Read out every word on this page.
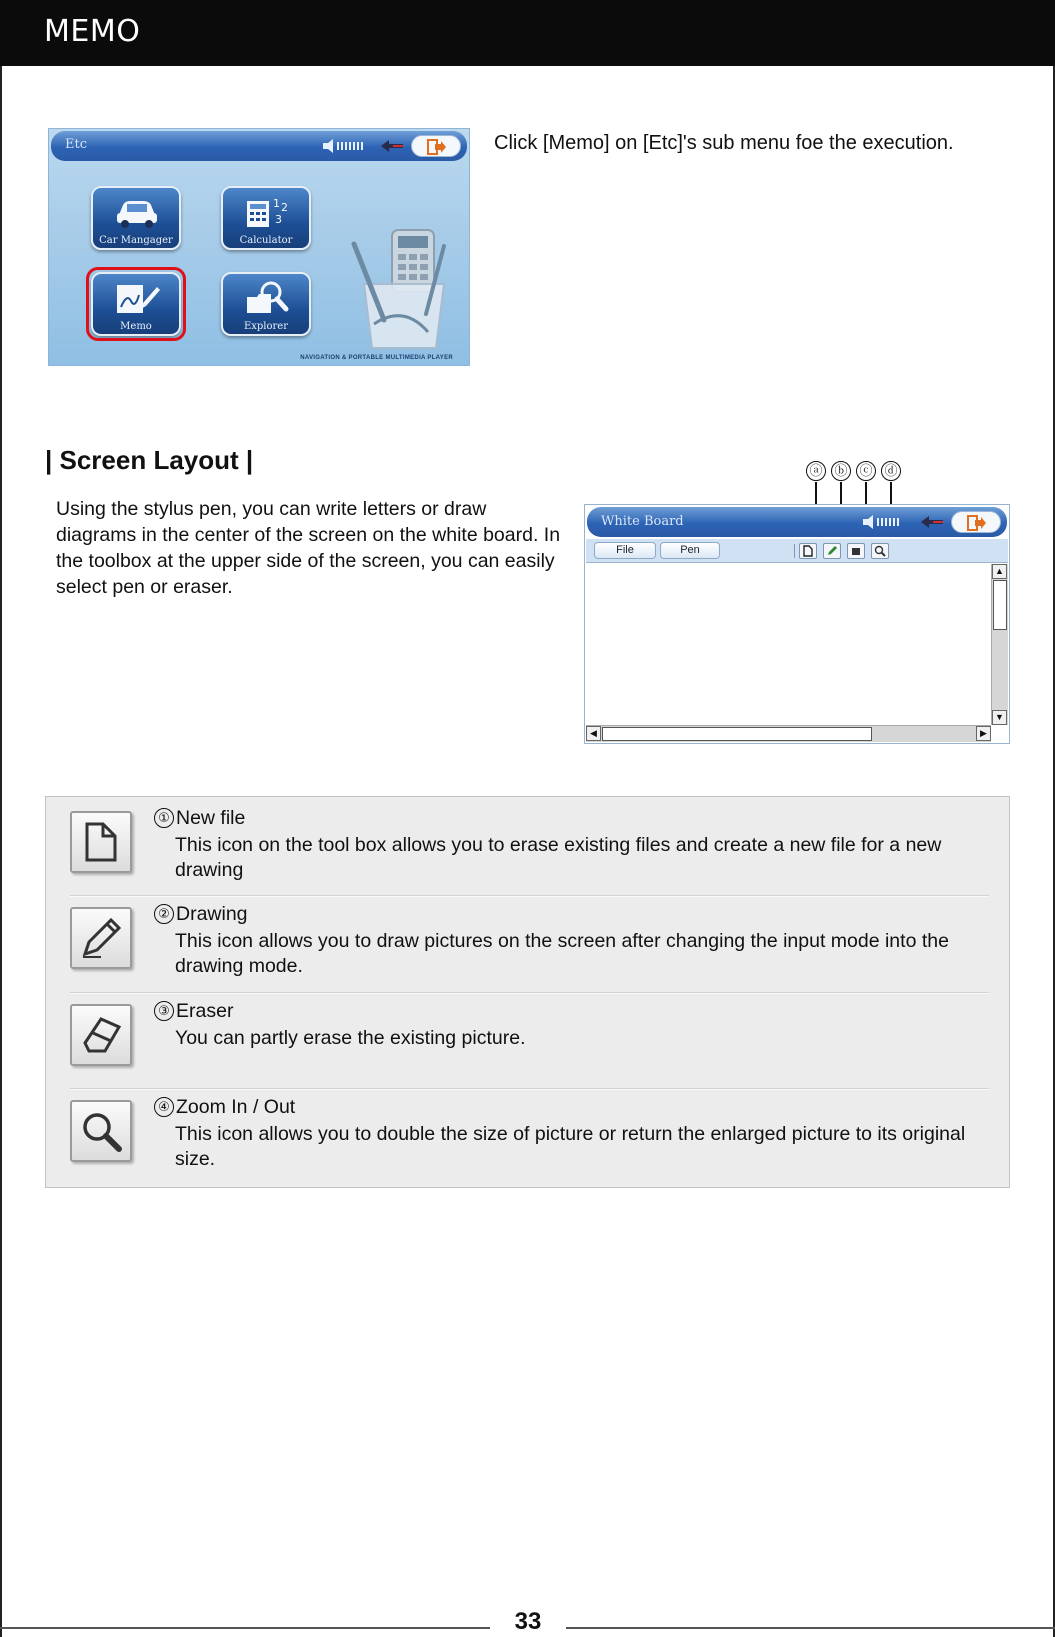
MEMO
Etc
Car Mangager
1 2
3
Calculator
Memo	Explorer
NAVIGATION & PORTABLE MULTIMEDIA PLAYER
Click [Memo] on [Etc]'s sub menu foe the execution.
| Screen Layout |
Using the stylus pen, you can write letters or draw diagrams in the center of the screen on the white board. In the toolbox at the upper side of the screen, you can easily select pen or eraser.
ⓐ ⓑ ⓒ ⓓ
White Board
File	Pen
▲
▼
◀	▶
① New file
This icon on the tool box allows you to erase existing files and create a new file for a new drawing
② Drawing
This icon allows you to draw pictures on the screen after changing the input mode into the drawing mode.
③ Eraser
You can partly erase the existing picture.
④ Zoom In / Out
This icon allows you to double the size of picture or return the enlarged picture to its original size.
33
